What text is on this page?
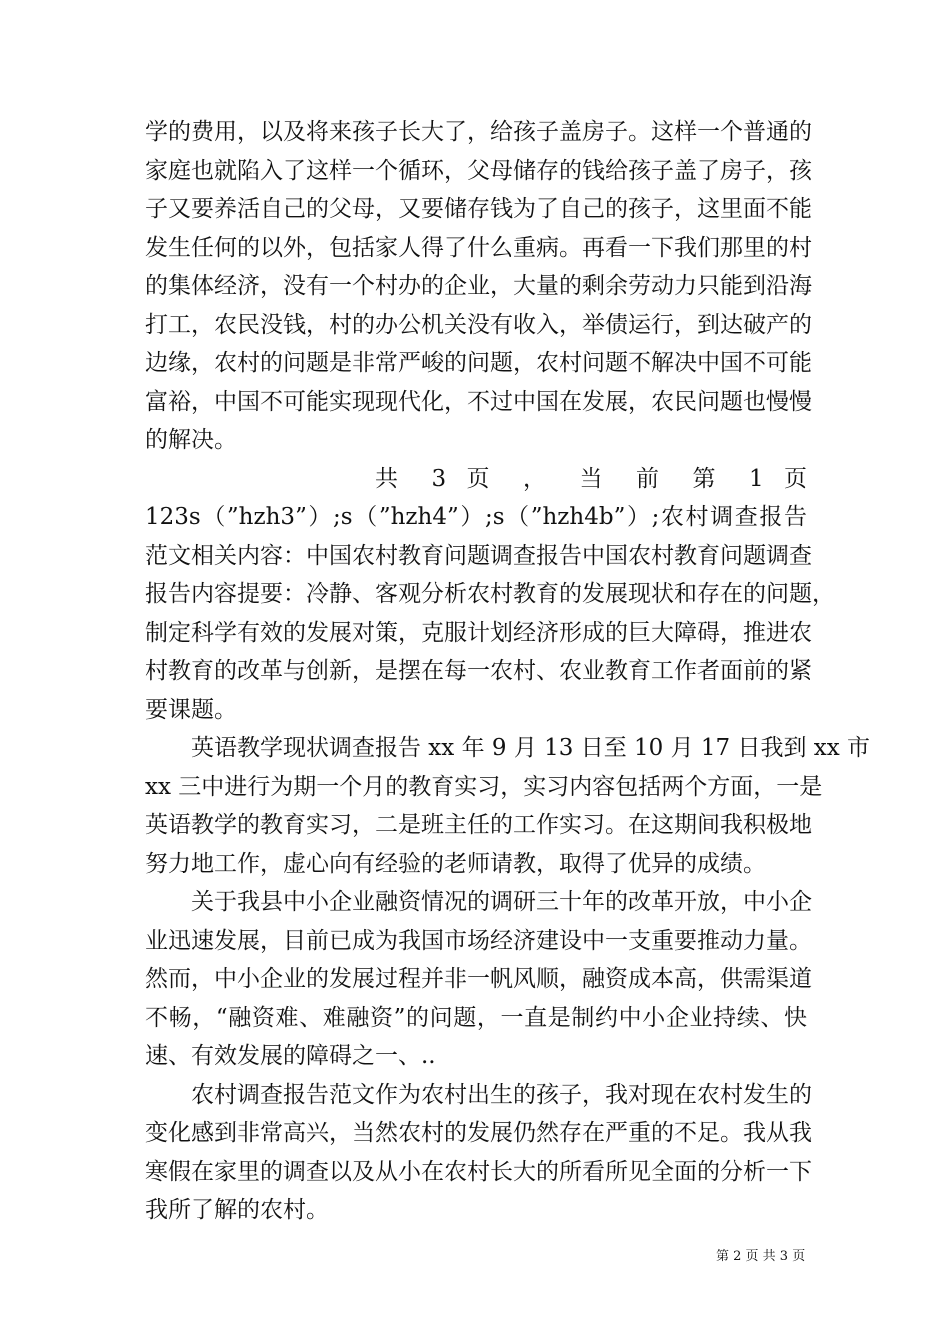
学的费用，以及将来孩子长大了，给孩子盖房子。这样一个普通的
家庭也就陷入了这样一个循环，父母储存的钱给孩子盖了房子，孩
子又要养活自己的父母，又要储存钱为了自己的孩子，这里面不能
发生任何的以外，包括家人得了什么重病。再看一下我们那里的村
的集体经济，没有一个村办的企业，大量的剩余劳动力只能到沿海
打工，农民没钱，村的办公机关没有收入，举债运行，到达破产的
边缘，农村的问题是非常严峻的问题，农村问题不解决中国不可能
富裕，中国不可能实现现代化，不过中国在发展，农民问题也慢慢
的解决。
共 3 页 ， 当 前 第 1 页
123s（”hzh3”）;s（”hzh4”）;s（”hzh4b”）;农村调查报告
范文相关内容：中国农村教育问题调查报告中国农村教育问题调查
报告内容提要：冷静、客观分析农村教育的发展现状和存在的问题，
制定科学有效的发展对策，克服计划经济形成的巨大障碍，推进农
村教育的改革与创新，是摆在每一农村、农业教育工作者面前的紧
要课题。
英语教学现状调查报告 xx 年 9 月 13 日至 10 月 17 日我到 xx 市
xx 三中进行为期一个月的教育实习，实习内容包括两个方面，一是
英语教学的教育实习，二是班主任的工作实习。在这期间我积极地
努力地工作，虚心向有经验的老师请教，取得了优异的成绩。
关于我县中小企业融资情况的调研三十年的改革开放，中小企
业迅速发展，目前已成为我国市场经济建设中一支重要推动力量。
然而，中小企业的发展过程并非一帆风顺，融资成本高，供需渠道
不畅，“融资难、难融资”的问题，一直是制约中小企业持续、快
速、有效发展的障碍之一、..
农村调查报告范文作为农村出生的孩子，我对现在农村发生的
变化感到非常高兴，当然农村的发展仍然存在严重的不足。我从我
寒假在家里的调查以及从小在农村长大的所看所见全面的分析一下
我所了解的农村。
第 2 页 共 3 页
